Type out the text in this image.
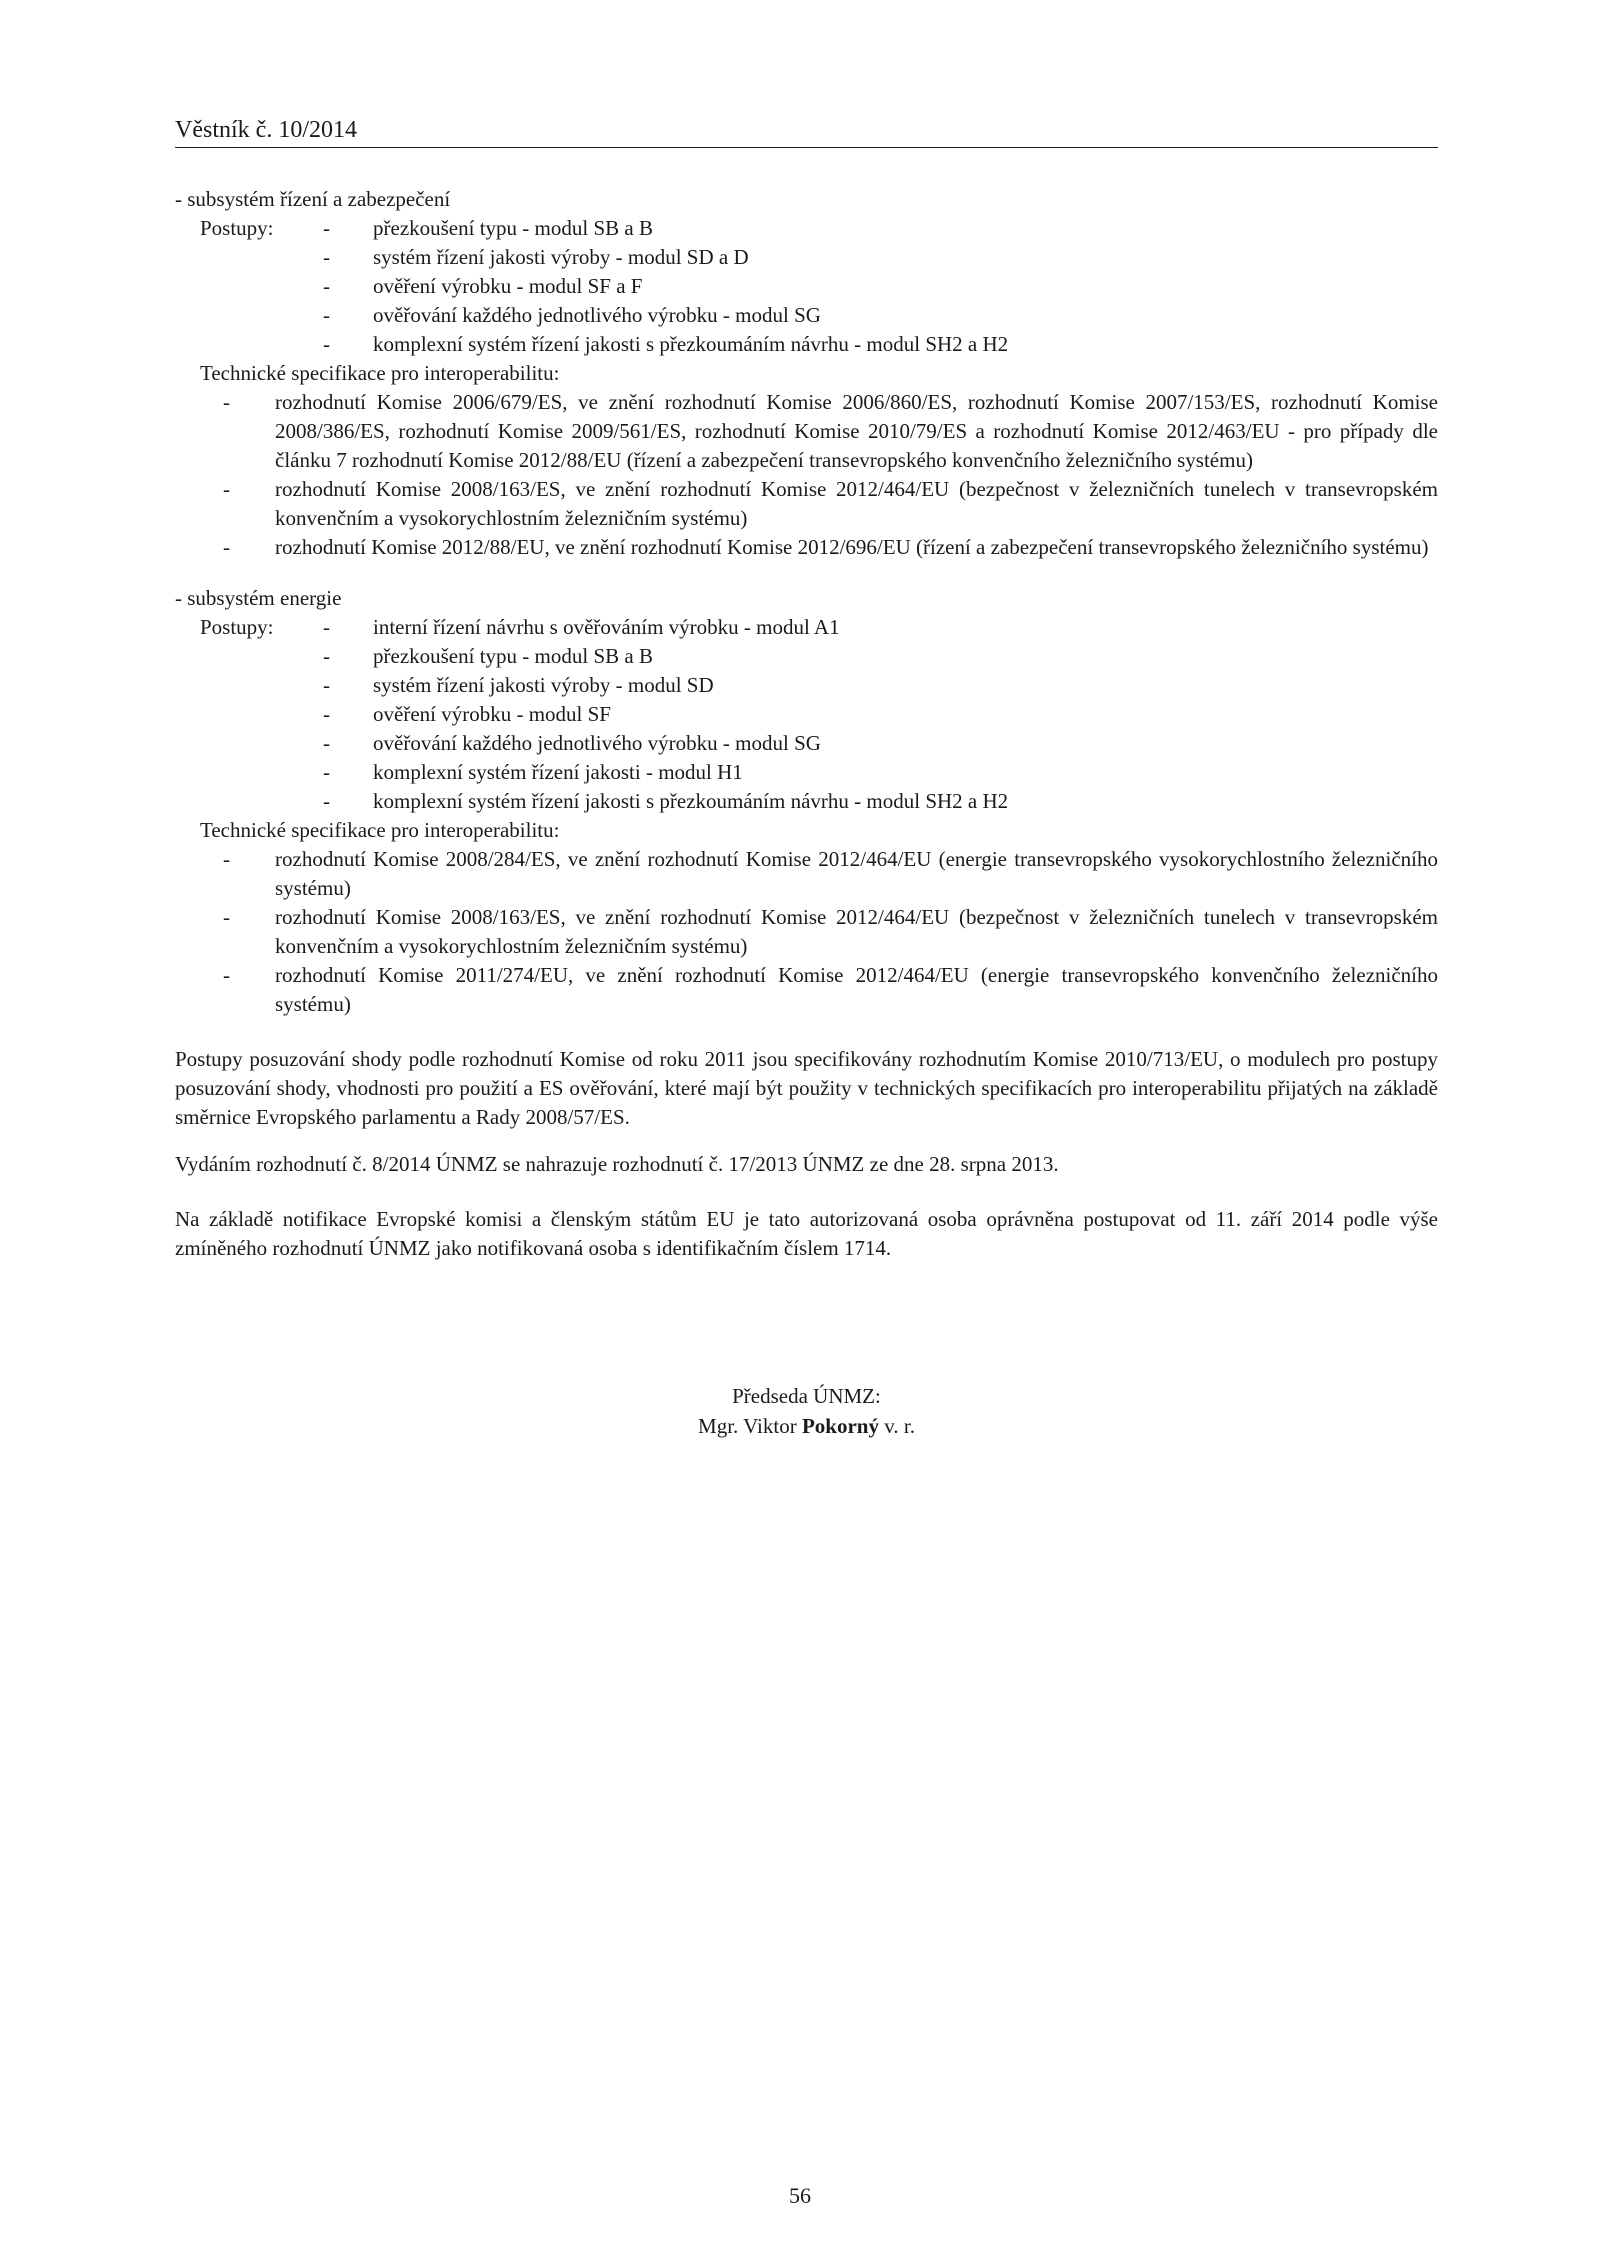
Věstník č. 10/2014
- subsystém řízení a zabezpečení
Postupy: - přezkoušení typu - modul SB a B
- systém řízení jakosti výroby - modul SD a D
- ověření výrobku - modul SF a F
- ověřování každého jednotlivého výrobku - modul SG
- komplexní systém řízení jakosti s přezkoumáním návrhu - modul SH2 a H2
Technické specifikace pro interoperabilitu:
- rozhodnutí Komise 2006/679/ES, ve znění rozhodnutí Komise 2006/860/ES, rozhodnutí Komise 2007/153/ES, rozhodnutí Komise 2008/386/ES, rozhodnutí Komise 2009/561/ES, rozhodnutí Komise 2010/79/ES a rozhodnutí Komise 2012/463/EU - pro případy dle článku 7 rozhodnutí Komise 2012/88/EU (řízení a zabezpečení transevropského konvenčního železničního systému)
- rozhodnutí Komise 2008/163/ES, ve znění rozhodnutí Komise 2012/464/EU (bezpečnost v železničních tunelech v transevropském konvenčním a vysokorychlostním železničním systému)
- rozhodnutí Komise 2012/88/EU, ve znění rozhodnutí Komise 2012/696/EU (řízení a zabezpečení transevropského železničního systému)
- subsystém energie
Postupy: - interní řízení návrhu s ověřováním výrobku - modul A1
- přezkoušení typu - modul SB a B
- systém řízení jakosti výroby - modul SD
- ověření výrobku - modul SF
- ověřování každého jednotlivého výrobku - modul SG
- komplexní systém řízení jakosti - modul H1
- komplexní systém řízení jakosti s přezkoumáním návrhu - modul SH2 a H2
Technické specifikace pro interoperabilitu:
- rozhodnutí Komise 2008/284/ES, ve znění rozhodnutí Komise 2012/464/EU (energie transevropského vysokorychlostního železničního systému)
- rozhodnutí Komise 2008/163/ES, ve znění rozhodnutí Komise 2012/464/EU (bezpečnost v železničních tunelech v transevropském konvenčním a vysokorychlostním železničním systému)
- rozhodnutí Komise 2011/274/EU, ve znění rozhodnutí Komise 2012/464/EU (energie transevropského konvenčního železničního systému)
Postupy posuzování shody podle rozhodnutí Komise od roku 2011 jsou specifikovány rozhodnutím Komise 2010/713/EU, o modulech pro postupy posuzování shody, vhodnosti pro použití a ES ověřování, které mají být použity v technických specifikacích pro interoperabilitu přijatých na základě směrnice Evropského parlamentu a Rady 2008/57/ES.
Vydáním rozhodnutí č. 8/2014 ÚNMZ se nahrazuje rozhodnutí č. 17/2013 ÚNMZ ze dne 28. srpna 2013.
Na základě notifikace Evropské komisi a členským státům EU je tato autorizovaná osoba oprávněna postupovat od 11. září 2014 podle výše zmíněného rozhodnutí ÚNMZ jako notifikovaná osoba s identifikačním číslem 1714.
Předseda ÚNMZ:
Mgr. Viktor Pokorný v. r.
56
